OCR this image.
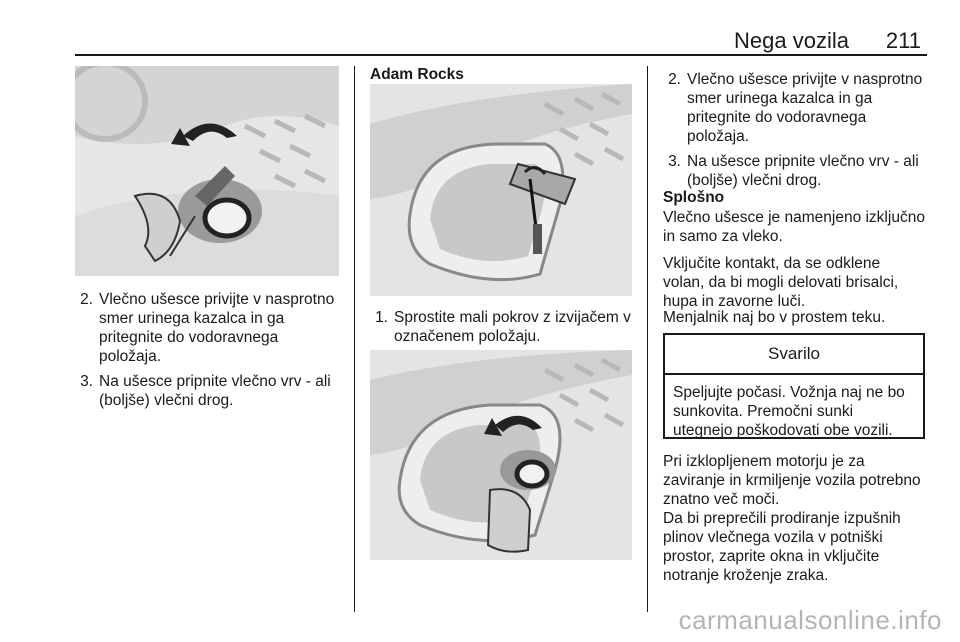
Nega vozila 211
2. Vlečno ušesce privijte v nasprotno smer urinega kazalca in ga pritegnite do vodoravnega položaja.
3. Na ušesce pripnite vlečno vrv - ali (boljše) vlečni drog.
Adam Rocks
1. Sprostite mali pokrov z izvijačem v označenem položaju.
2. Vlečno ušesce privijte v nasprotno smer urinega kazalca in ga pritegnite do vodoravnega položaja.
3. Na ušesce pripnite vlečno vrv - ali (boljše) vlečni drog.
Splošno
Vlečno ušesce je namenjeno izključno in samo za vleko.
Vključite kontakt, da se odklene volan, da bi mogli delovati brisalci, hupa in zavorne luči.
Menjalnik naj bo v prostem teku.
Svarilo
Speljujte počasi. Vožnja naj ne bo sunkovita. Premočni sunki utegnejo poškodovati obe vozili.
Pri izklopljenem motorju je za zaviranje in krmiljenje vozila potrebno znatno več moči.
Da bi preprečili prodiranje izpušnih plinov vlečnega vozila v potniški prostor, zaprite okna in vključite notranje kroženje zraka.
carmanualsonline.info
